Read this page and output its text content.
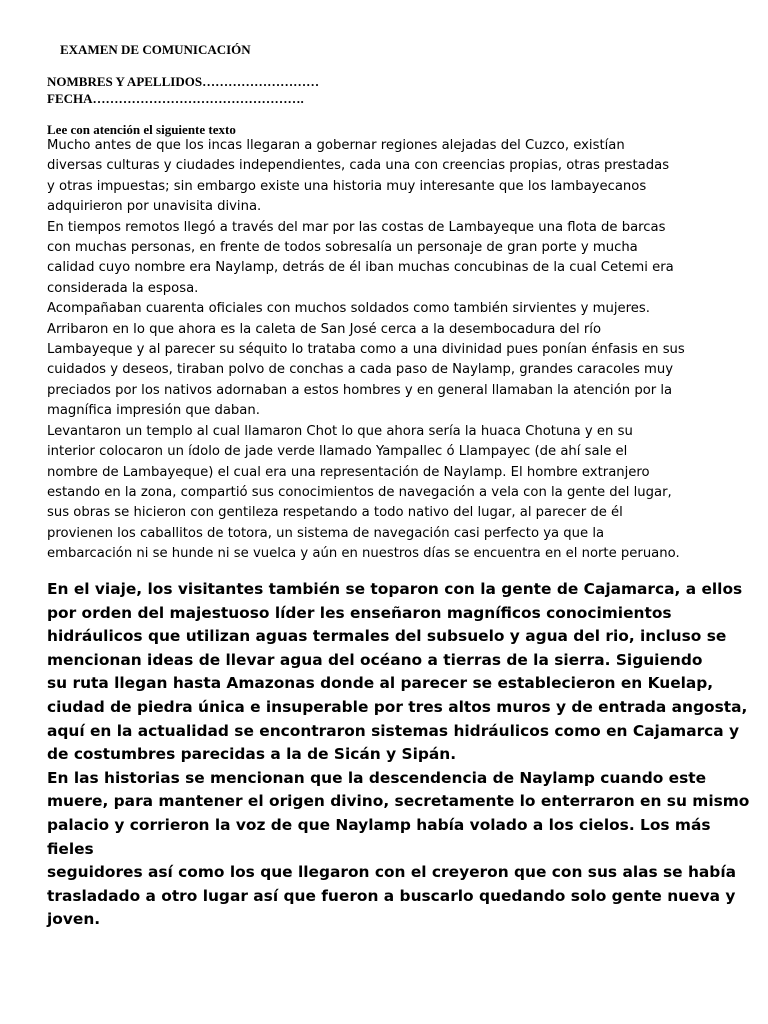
EXAMEN DE COMUNICACIÓN
NOMBRES Y APELLIDOS………………………
FECHA………………………………………….
Lee con atención el siguiente texto
Mucho antes de que los incas llegaran a gobernar regiones alejadas del Cuzco, existían
diversas culturas y ciudades independientes, cada una con creencias propias, otras prestadas
y otras impuestas; sin embargo existe una historia muy interesante que los lambayecanos
adquirieron por unavisita divina.
En tiempos remotos llegó a través del mar por las costas de Lambayeque una flota de barcas
con muchas personas, en frente de todos sobresalía un personaje de gran porte y mucha
calidad cuyo nombre era Naylamp, detrás de él iban muchas concubinas de la cual Cetemi era
considerada la esposa.
Acompañaban cuarenta oficiales con muchos soldados como también sirvientes y mujeres.
Arribaron en lo que ahora es la caleta de San José cerca a la desembocadura del río
Lambayeque y al parecer su séquito lo trataba como a una divinidad pues ponían énfasis en sus
cuidados y deseos, tiraban polvo de conchas a cada paso de Naylamp, grandes caracoles muy
preciados por los nativos adornaban a estos hombres y en general llamaban la atención por la
magnífica impresión que daban.
Levantaron un templo al cual llamaron Chot lo que ahora sería la huaca Chotuna y en su
interior colocaron un ídolo de jade verde llamado Yampallec ó Llampayec (de ahí sale el
nombre de Lambayeque) el cual era una representación de Naylamp. El hombre extranjero
estando en la zona, compartió sus conocimientos de navegación a vela con la gente del lugar,
sus obras se hicieron con gentileza respetando a todo nativo del lugar, al parecer de él
provienen los caballitos de totora, un sistema de navegación casi perfecto ya que la
embarcación ni se hunde ni se vuelca y aún en nuestros días se encuentra en el norte peruano.
En el viaje, los visitantes también se toparon con la gente de Cajamarca, a ellos
por orden del majestuoso líder les enseñaron magníficos conocimientos
hidráulicos que utilizan aguas termales del subsuelo y agua del rio, incluso se
mencionan ideas de llevar agua del océano a tierras de la sierra. Siguiendo
su ruta llegan hasta Amazonas donde al parecer se establecieron en Kuelap,
ciudad de piedra única e insuperable por tres altos muros y de entrada angosta,
aquí en la actualidad se encontraron sistemas hidráulicos como en Cajamarca y
de costumbres parecidas a la de Sicán y Sipán.
En las historias se mencionan que la descendencia de Naylamp cuando este
muere, para mantener el origen divino, secretamente lo enterraron en su mismo
palacio y corrieron la voz de que Naylamp había volado a los cielos. Los más
fieles
seguidores así como los que llegaron con el creyeron que con sus alas se había
trasladado a otro lugar así que fueron a buscarlo quedando solo gente nueva y
joven.
